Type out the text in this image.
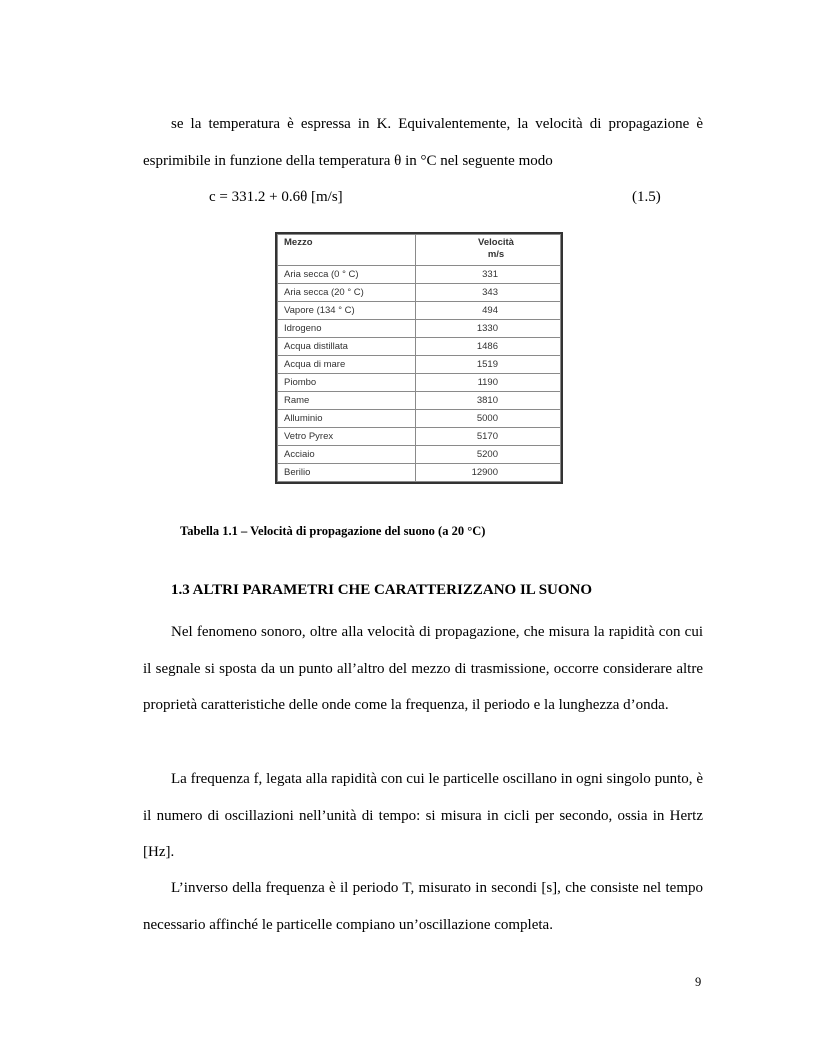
se la temperatura è espressa in K. Equivalentemente, la velocità di propagazione è esprimibile in funzione della temperatura θ in °C nel seguente modo

c = 331.2 + 0.6θ [m/s]	(1.5)
Mezzo	Velocità
m/s
Aria secca (0 ° C)	331
Aria secca (20 ° C)	343
Vapore (134 ° C)	494
Idrogeno	1330
Acqua distillata	1486
Acqua di mare	1519
Piombo	1190
Rame	3810
Alluminio	5000
Vetro Pyrex	5170
Acciaio	5200
Berilio	12900
Tabella 1.1 – Velocità di propagazione del suono (a 20 °C)
1.3 ALTRI PARAMETRI CHE CARATTERIZZANO IL SUONO

Nel fenomeno sonoro, oltre alla velocità di propagazione, che misura la rapidità con cui il segnale si sposta da un punto all’altro del mezzo di trasmissione, occorre considerare altre proprietà caratteristiche delle onde come la frequenza, il periodo e la lunghezza d’onda.

La frequenza f, legata alla rapidità con cui le particelle oscillano in ogni singolo punto, è il numero di oscillazioni nell’unità di tempo: si misura in cicli per secondo, ossia in Hertz [Hz].

L’inverso della frequenza è il periodo T, misurato in secondi [s], che consiste nel tempo necessario affinché le particelle compiano un’oscillazione completa.

9
